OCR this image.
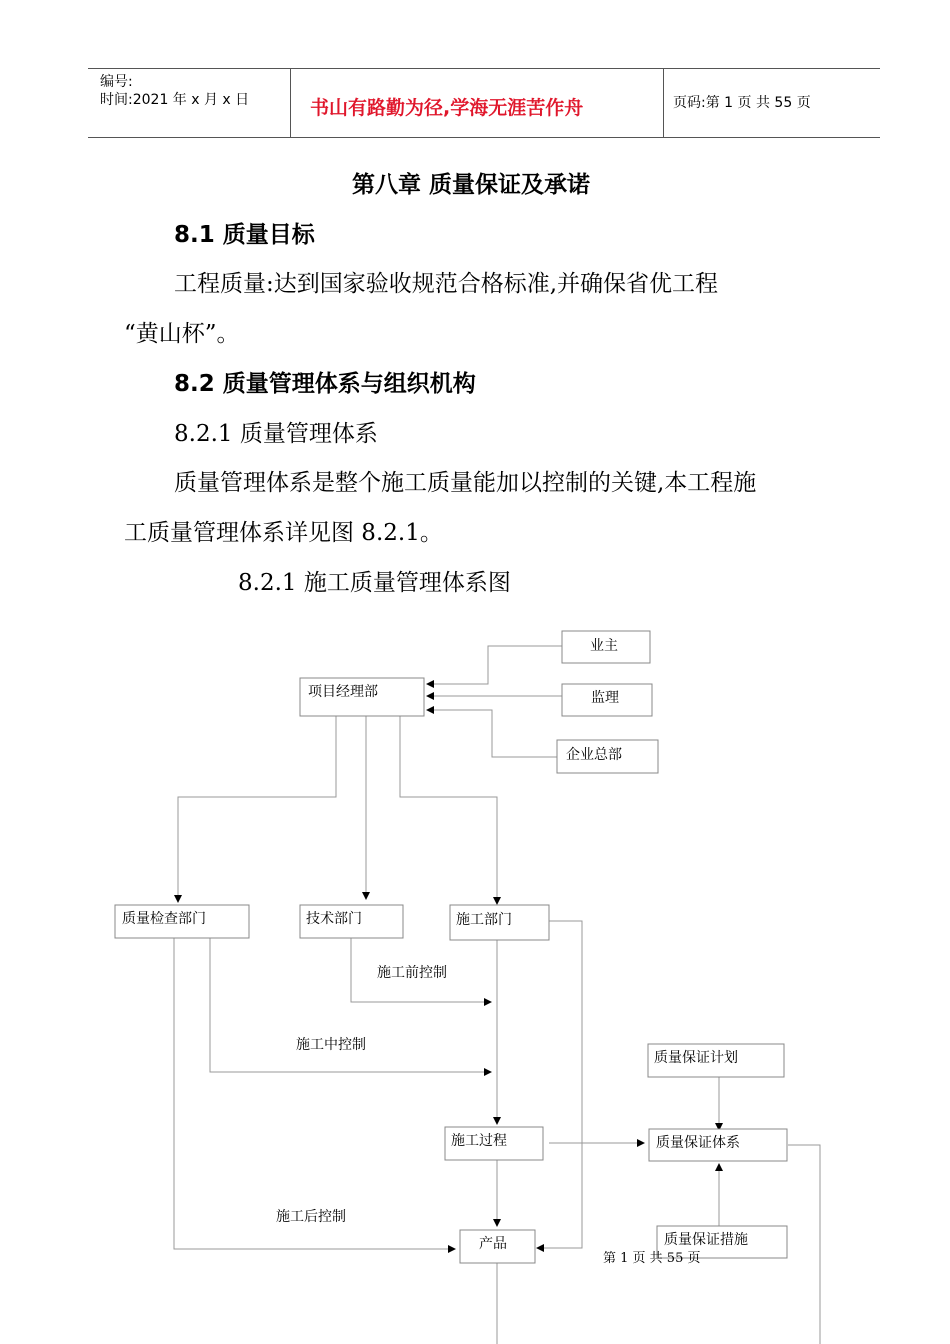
编号:
时间:2021 年 x 月 x 日	书山有路勤为径,学海无涯苦作舟	页码:第 1 页 共 55 页
第八章 质量保证及承诺
8.1 质量目标
工程质量:达到国家验收规范合格标准,并确保省优工程
“黄山杯”。
8.2 质量管理体系与组织机构
8.2.1 质量管理体系
质量管理体系是整个施工质量能加以控制的关键,本工程施
工质量管理体系详见图 8.2.1。
8.2.1 施工质量管理体系图
业主
项目经理部	监理
企业总部
质量检查部门	技术部门	施工部门
施工前控制
施工中控制
质量保证计划
施工过程	质量保证体系
施工后控制
产品	质量保证措施
第 1 页 共 55 页
